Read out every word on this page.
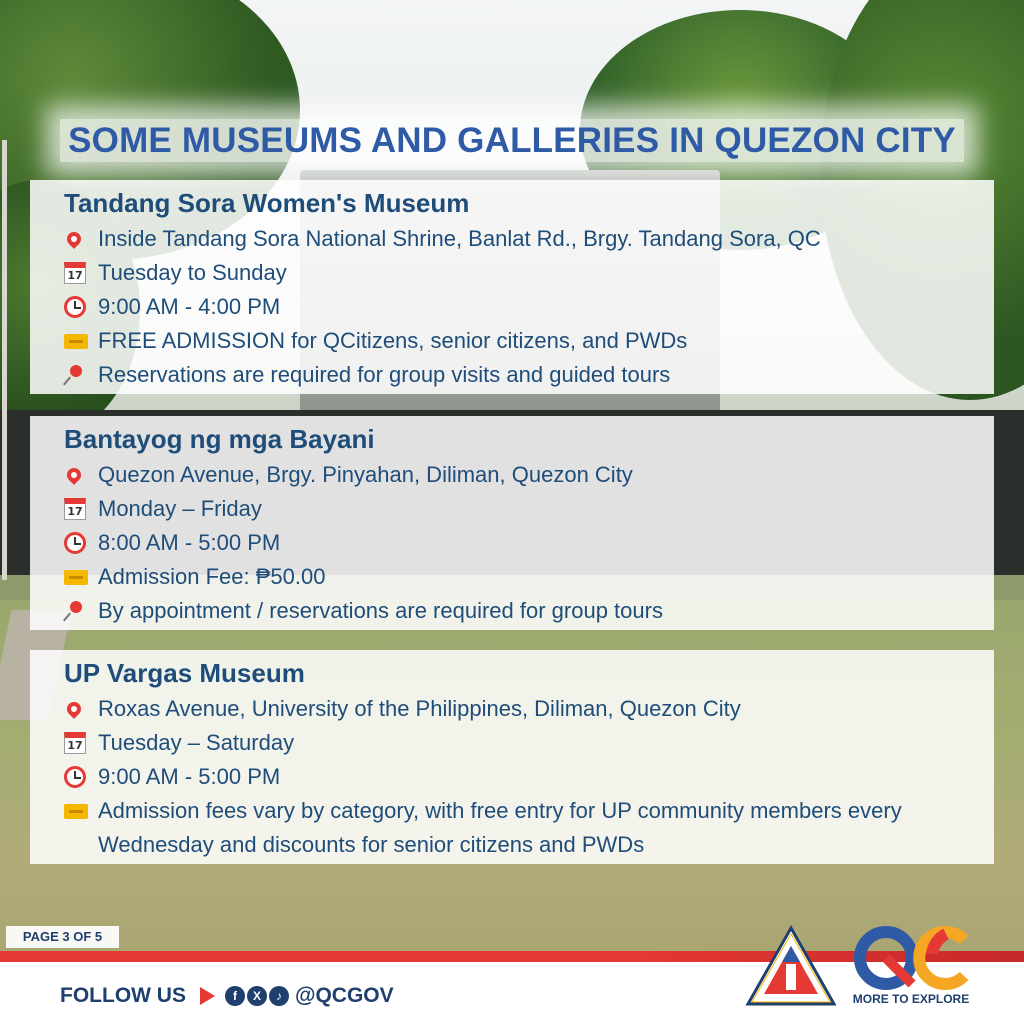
SOME MUSEUMS AND GALLERIES IN QUEZON CITY
Tandang Sora Women's Museum
Inside Tandang Sora National Shrine, Banlat Rd., Brgy. Tandang Sora, QC
17 Tuesday to Sunday
9:00 AM - 4:00 PM
FREE ADMISSION for QCitizens, senior citizens, and PWDs
Reservations are required for group visits and guided tours
Bantayog ng mga Bayani
Quezon Avenue, Brgy. Pinyahan, Diliman, Quezon City
17 Monday – Friday
8:00 AM - 5:00 PM
Admission Fee: ₱50.00
By appointment / reservations are required for group tours
UP Vargas Museum
Roxas Avenue, University of the Philippines, Diliman, Quezon City
17 Tuesday – Saturday
9:00 AM - 5:00 PM
Admission fees vary by category, with free entry for UP community members every Wednesday and discounts for senior citizens and PWDs
PAGE 3 OF 5
FOLLOW US	f	X	♪ @QCGOV	MORE TO EXPLORE
